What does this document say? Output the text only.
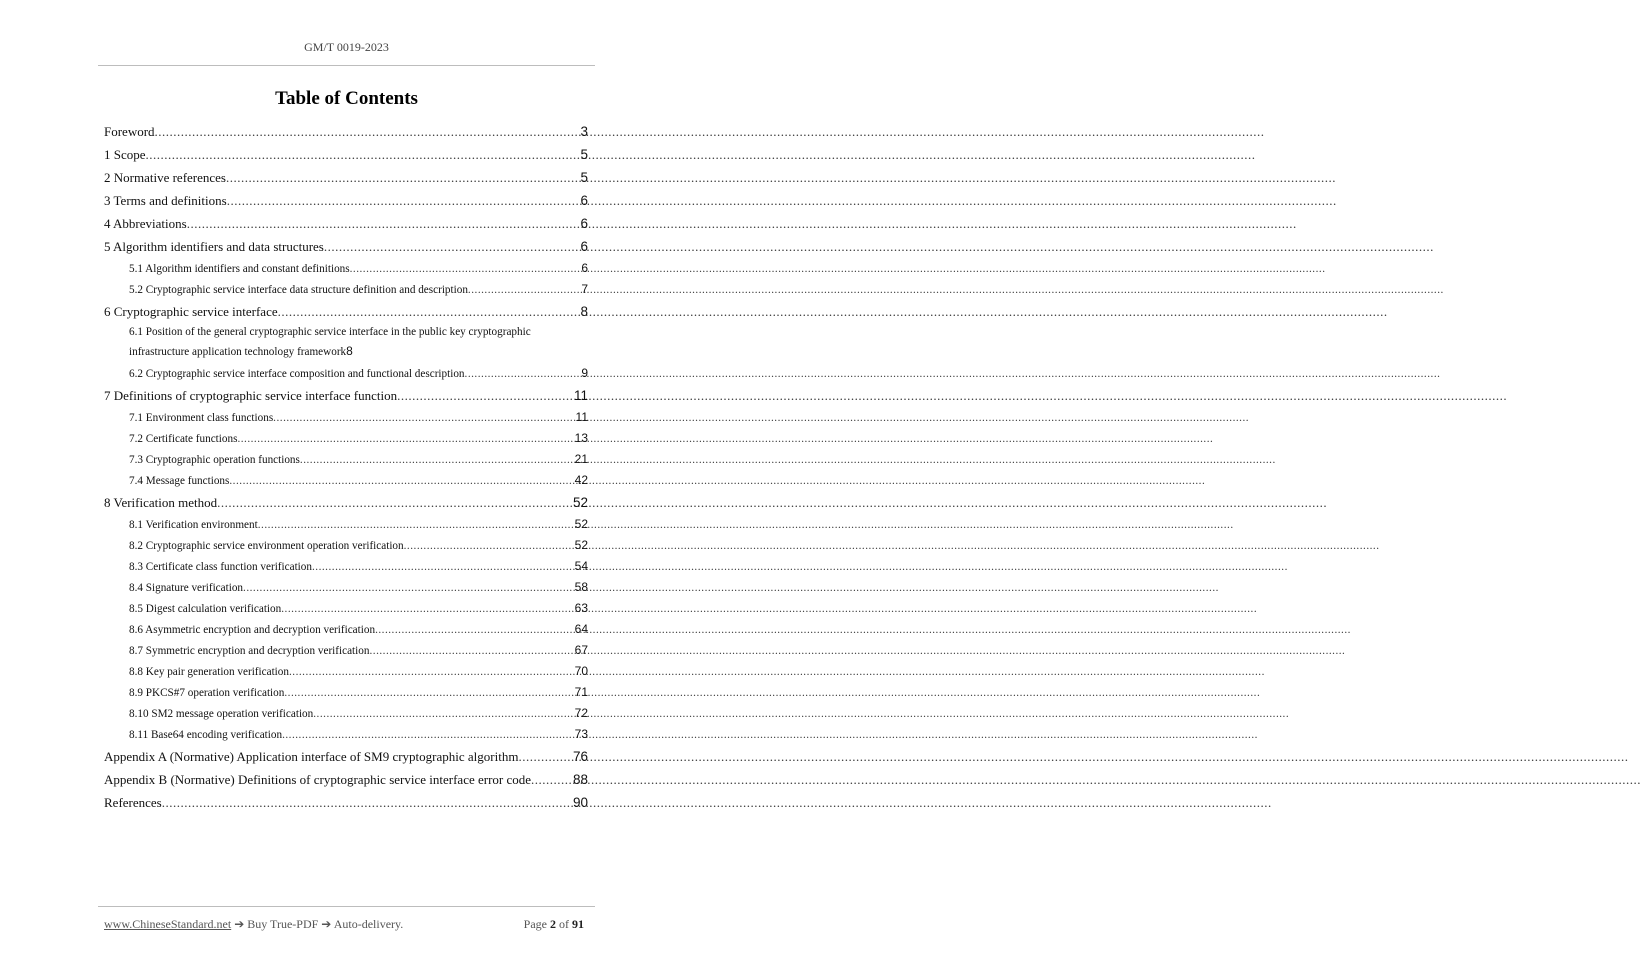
GM/T 0019-2023
Table of Contents
Foreword .....	3
1 Scope .....	5
2 Normative references .....	5
3 Terms and definitions .....	6
4 Abbreviations .....	6
5 Algorithm identifiers and data structures .....	6
5.1 Algorithm identifiers and constant definitions .....	6
5.2 Cryptographic service interface data structure definition and description .....	7
6 Cryptographic service interface .....	8
6.1 Position of the general cryptographic service interface in the public key cryptographic
infrastructure application technology framework 8
6.2 Cryptographic service interface composition and functional description .....	9
7 Definitions of cryptographic service interface function .....	11
7.1 Environment class functions .....	11
7.2 Certificate functions .....	13
7.3 Cryptographic operation functions .....	21
7.4 Message functions .....	42
8 Verification method .....	52
8.1 Verification environment .....	52
8.2 Cryptographic service environment operation verification .....	52
8.3 Certificate class function verification .....	54
8.4 Signature verification .....	58
8.5 Digest calculation verification .....	63
8.6 Asymmetric encryption and decryption verification .....	64
8.7 Symmetric encryption and decryption verification .....	67
8.8 Key pair generation verification .....	70
8.9 PKCS#7 operation verification .....	71
8.10 SM2 message operation verification .....	72
8.11 Base64 encoding verification .....	73
Appendix A (Normative) Application interface of SM9 cryptographic algorithm .....	76
Appendix B (Normative) Definitions of cryptographic service interface error code .....	88
References .....	90
www.ChineseStandard.net ➔ Buy True-PDF ➔ Auto-delivery.	Page 2 of 91
